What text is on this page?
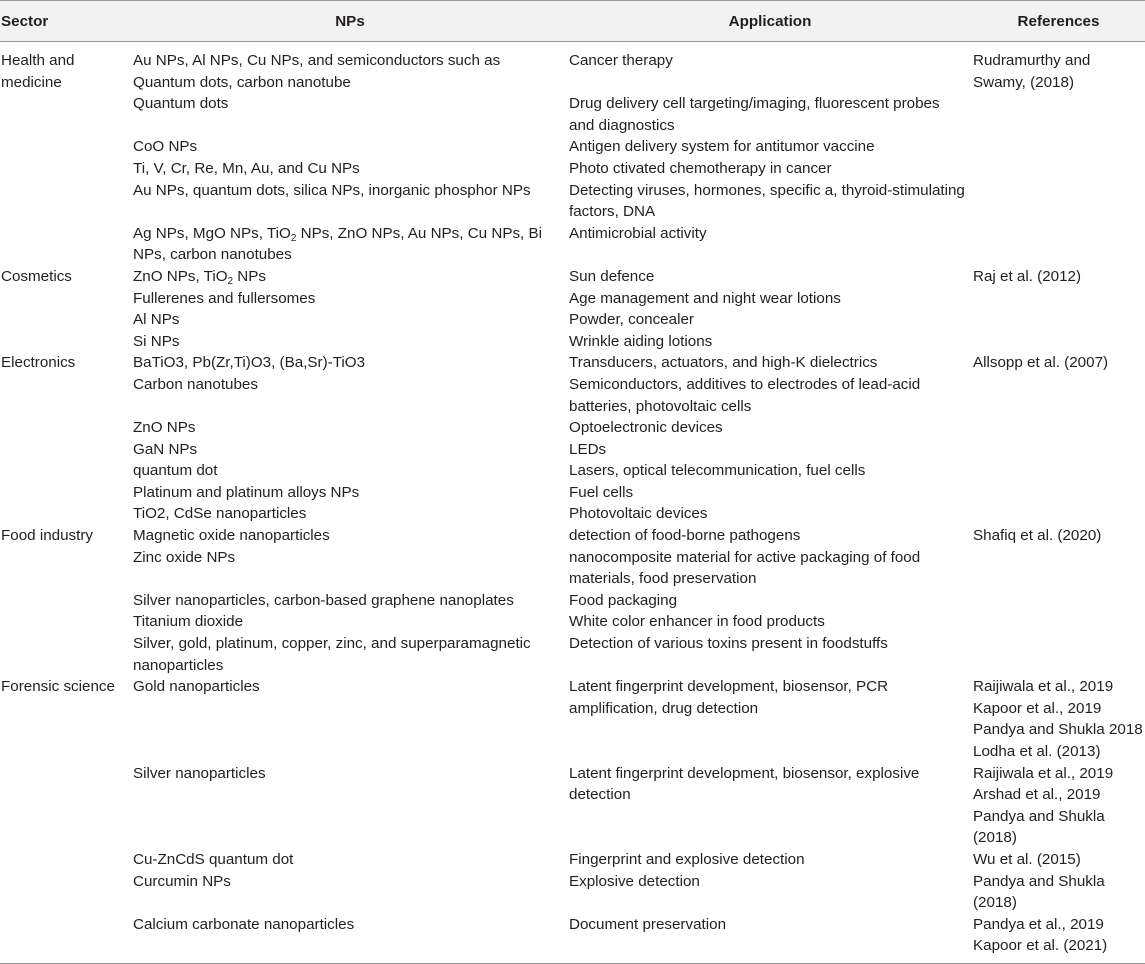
Sector	NPs	Application	References
Health and medicine	Au NPs, Al NPs, Cu NPs, and semiconductors such as Quantum dots, carbon nanotube	Cancer therapy	Rudramurthy and
Swamy, (2018)

	Quantum dots	Drug delivery cell targeting/imaging, fluorescent probes and diagnostics	
	CoO NPs	Antigen delivery system for antitumor vaccine	
	Ti, V, Cr, Re, Mn, Au, and Cu NPs	Photo ctivated chemotherapy in cancer	
	Au NPs, quantum dots, silica NPs, inorganic phosphor NPs	Detecting viruses, hormones, specific a, thyroid-stimulating factors, DNA	
	Ag NPs, MgO NPs, TiO$_2$ NPs, ZnO NPs, Au NPs, Cu NPs, Bi NPs, carbon nanotubes	Antimicrobial activity	
Cosmetics	ZnO NPs, TiO$_2$ NPs	Sun defence	Raj et al. (2012)

	Fullerenes and fullersomes	Age management and night wear lotions	
	Al NPs	Powder, concealer	
	Si NPs	Wrinkle aiding lotions	
Electronics	BaTiO3, Pb(Zr,Ti)O3, (Ba,Sr)-TiO3	Transducers, actuators, and high-K dielectrics	Allsopp et al. (2007)

	Carbon nanotubes	Semiconductors, additives to electrodes of lead-acid batteries, photovoltaic cells	
	ZnO NPs	Optoelectronic devices	
	GaN NPs	LEDs	
	quantum dot	Lasers, optical telecommunication, fuel cells	
	Platinum and platinum alloys NPs	Fuel cells	
	TiO2, CdSe nanoparticles	Photovoltaic devices	
Food industry	Magnetic oxide nanoparticles	detection of food-borne pathogens	Shafiq et al. (2020)

	Zinc oxide NPs	nanocomposite material for active packaging of food materials, food preservation	
	Silver nanoparticles, carbon-based graphene nanoplates	Food packaging	
	Titanium dioxide	White color enhancer in food products	
	Silver, gold, platinum, copper, zinc, and superparamagnetic nanoparticles	Detection of various toxins present in foodstuffs	
Forensic science	Gold nanoparticles	Latent fingerprint development, biosensor, PCR amplification, drug detection	Raijiwala et al., 2019
Kapoor et al., 2019
Pandya and Shukla 2018
Lodha et al. (2013)

	Silver nanoparticles	Latent fingerprint development, biosensor, explosive detection	Raijiwala et al., 2019
Arshad et al., 2019
Pandya and Shukla
(2018)

	Cu-ZnCdS quantum dot	Fingerprint and explosive detection	Wu et al. (2015)

	Curcumin NPs	Explosive detection	Pandya and Shukla
(2018)

	Calcium carbonate nanoparticles	Document preservation	Pandya et al., 2019
Kapoor et al. (2021)
